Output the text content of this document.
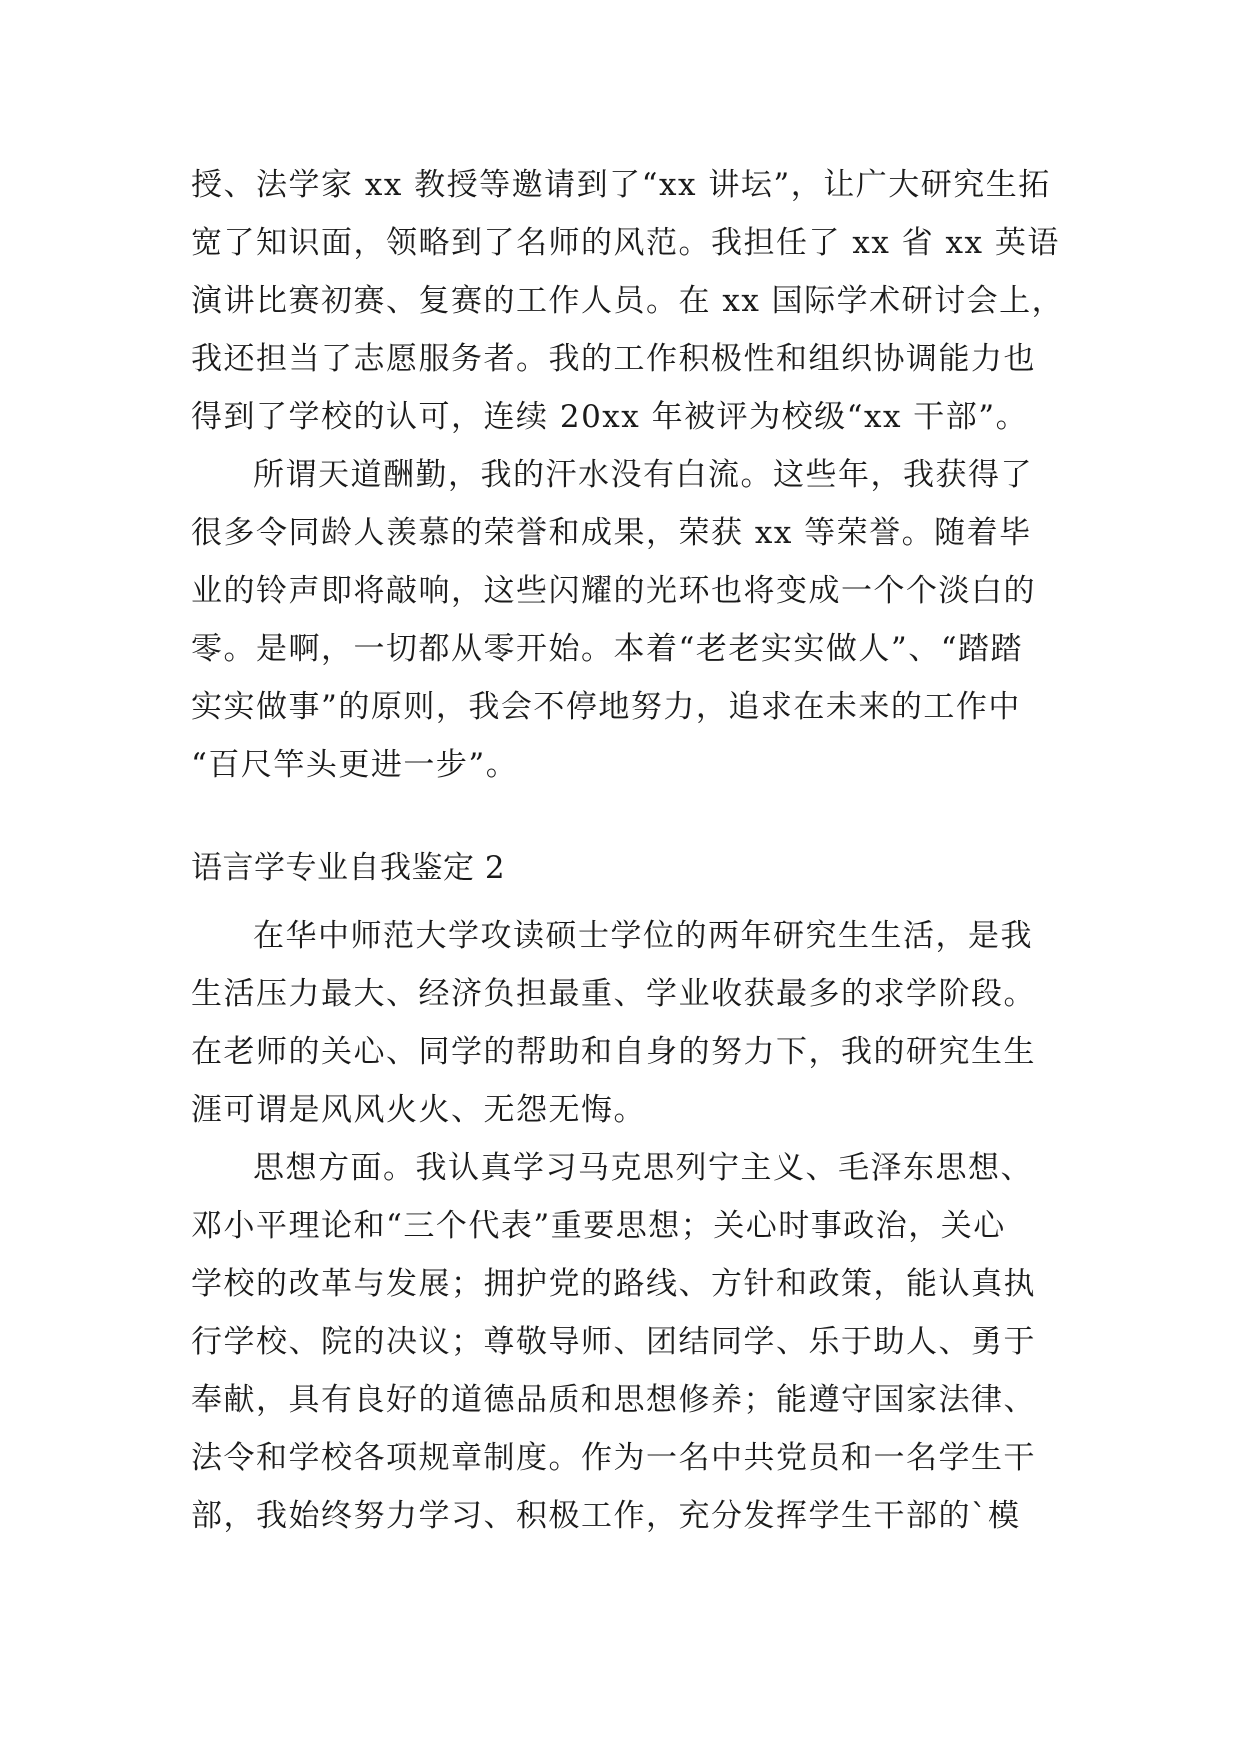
授、法学家 xx 教授等邀请到了“xx 讲坛”，让广大研究生拓
宽了知识面，领略到了名师的风范。我担任了 xx 省 xx 英语
演讲比赛初赛、复赛的工作人员。在 xx 国际学术研讨会上，
我还担当了志愿服务者。我的工作积极性和组织协调能力也
得到了学校的认可，连续 20xx 年被评为校级“xx 干部”。
所谓天道酬勤，我的汗水没有白流。这些年，我获得了
很多令同龄人羡慕的荣誉和成果，荣获 xx 等荣誉。随着毕
业的铃声即将敲响，这些闪耀的光环也将变成一个个淡白的
零。是啊，一切都从零开始。本着“老老实实做人”、“踏踏
实实做事”的原则，我会不停地努力，追求在未来的工作中
“百尺竿头更进一步”。
语言学专业自我鉴定 2
在华中师范大学攻读硕士学位的两年研究生生活，是我
生活压力最大、经济负担最重、学业收获最多的求学阶段。
在老师的关心、同学的帮助和自身的努力下，我的研究生生
涯可谓是风风火火、无怨无悔。
思想方面。我认真学习马克思列宁主义、毛泽东思想、
邓小平理论和“三个代表”重要思想；关心时事政治，关心
学校的改革与发展；拥护党的路线、方针和政策，能认真执
行学校、院的决议；尊敬导师、团结同学、乐于助人、勇于
奉献，具有良好的道德品质和思想修养；能遵守国家法律、
法令和学校各项规章制度。作为一名中共党员和一名学生干
部，我始终努力学习、积极工作，充分发挥学生干部的`模
